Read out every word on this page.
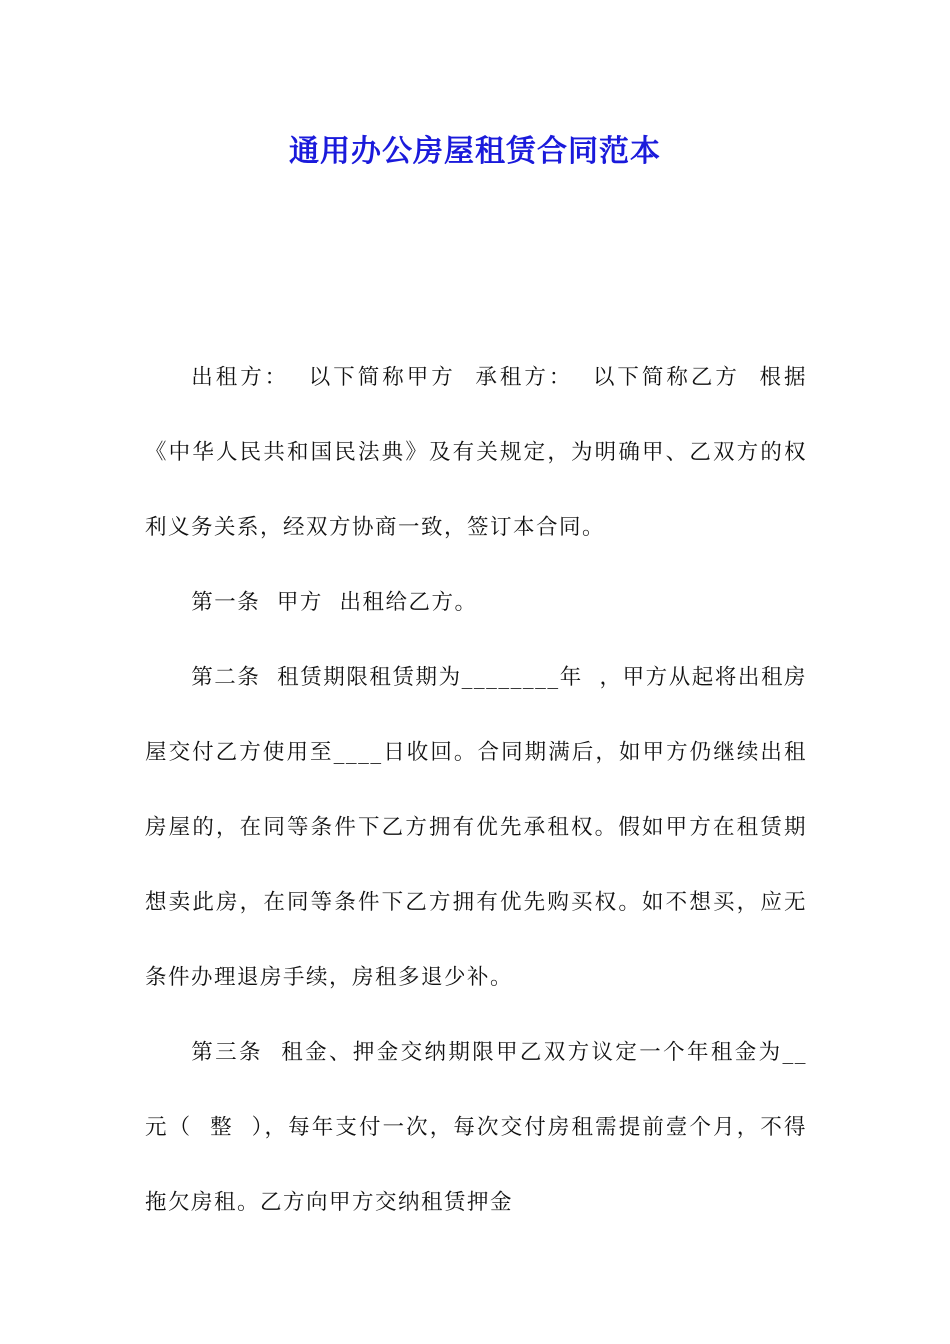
通用办公房屋租赁合同范本

出租方：  以下简称甲方  承租方：  以下简称乙方  根据《中华人民共和国民法典》及有关规定，为明确甲、乙双方的权利义务关系，经双方协商一致，签订本合同。

第一条  甲方  出租给乙方。

第二条  租赁期限租赁期为________年  ，甲方从起将出租房屋交付乙方使用至____日收回。合同期满后，如甲方仍继续出租房屋的，在同等条件下乙方拥有优先承租权。假如甲方在租赁期想卖此房，在同等条件下乙方拥有优先购买权。如不想买，应无条件办理退房手续，房租多退少补。

第三条  租金、押金交纳期限甲乙双方议定一个年租金为__元（  整  ），每年支付一次，每次交付房租需提前壹个月，不得拖欠房租。乙方向甲方交纳租赁押金
